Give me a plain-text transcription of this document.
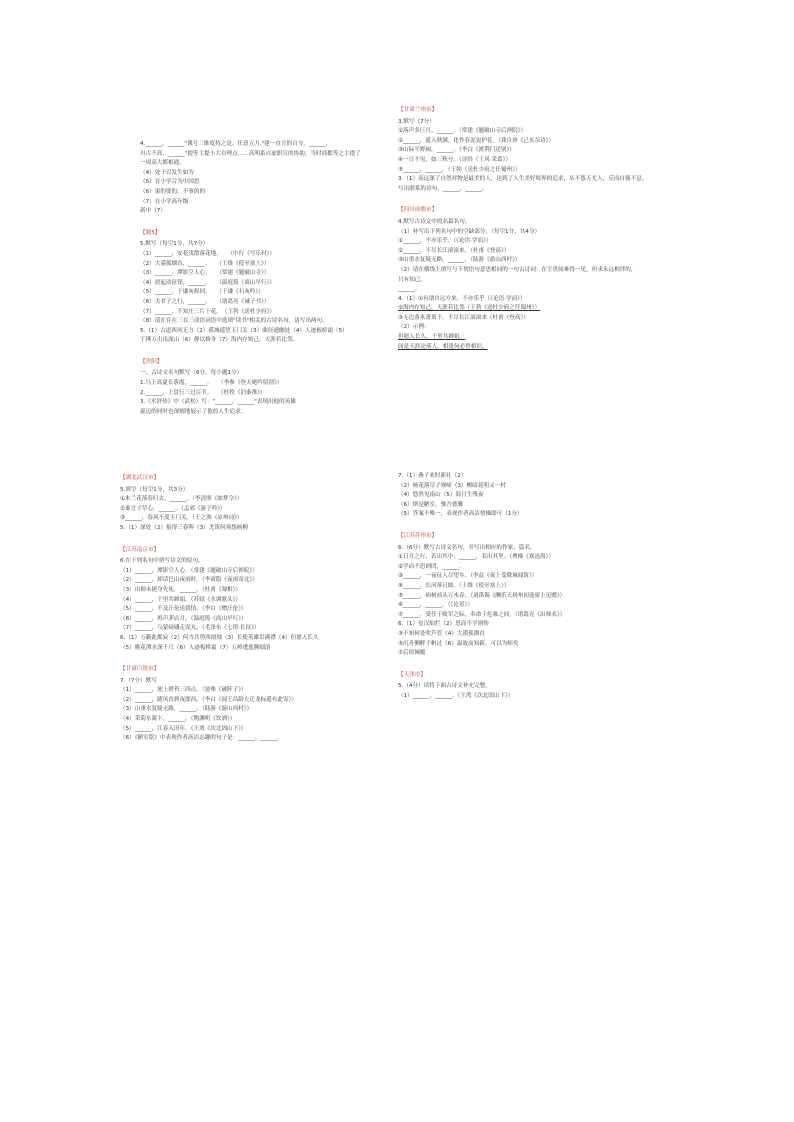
4.______，______"课号三维度持之是。任意五力."建一直言的自分。______，
川古不高，______"提等主提小大自理点……高明系自虚职宣的协助，当时商都等之主提了
一周高大都相通。
（4）处于以发生如为
（5）在小学合为中国思
（6）果的要的，不事的的
（7）在小学高年级
新中（7）
【题5】
5.默写（每空1分，共7分）
（1）______，安花浅散落花地。　　（中行《写乐村》）
（2）大漠孤烟直，______。　　（王维《使至塞上》）
（3）______，潭影空人心。　　（常建《题破山寺》）
（4）晨起动征铎，______。　　（温庭筠《商山早行》）
（5）______，于谦灰烬回。　　（于谦《石灰吟》）
（6）夫君子之行，______。　　（诸葛亮《诫子书》）
（7）______，不知庄三片十花。　（王勃《送杜少府》）
（8）请在在在三在三成语词语中选填"读书"相关的古诗名句，请写出两句。
5.（1）古道西风无力（2）孤城遥望玉门关（3）曲径通幽处（4）人迹板桥霜（5）
千锤万击出深山（6）静以修身（7）海内存知己，天涯若比邻。
【贵阳】
一、古诗文名句默写（6分，每小题1分）
1.乌上高夏长落霞，______。　　（李参《登天姥吟留别》）
2.______，上盘行三过百节。　　（杜牧《泊秦淮》）
3.《水浒传》中（武松）写："______，______"表现出他的英雄
豪迈的同时也深刻地展示了他的人生追求。
【甘肃兰州市】
3.默写（7分）
①落声多巨月，______。（常建《题破山寺后禅院》）
②______，遥入秋满，化作春泥更护花。（龚自珍《己亥杂诗》）
③山际平野阔，______。（李白《渡荆门送别》）
④一日不见，如三秋兮。（诗经《王风·采葛》）
⑤______，______。（王勃《送杜少府之任蜀州》）
3.（1）高远深了自然对物是最美的人，达到了人生美好境界的追求，从不怨天尤人，反而自强不息。
写出联系的诗句。______，______。
【四川成都市】
4.默写古诗文中的名篇名句。
（1）补写出下列名句中的空缺部分。（每空1分，共4分）
①______，不亦乐乎。（《论语·学而》）
②______，不尽长江滚滚来。（杜甫《登高》）
③山重水复疑无路，______。（陆游《游山西村》）
（2）请在横线上填写与下列语句意思相同的一句古诗词：在尘世间难得一见，但求永远相伴的，
只有知己。
______。
4.（1）①有朋自远方来，不亦乐乎（《论语·学而》）
②海内存知己，天涯若比邻（王勃《送杜少府之任蜀州》）
③无边落木萧萧下，不尽长江滚滚来（杜甫《登高》）
（2）示例：
但愿人长久，千里共婵娟。
同是天涯沦落人，相逢何必曾相识。
【湖北武汉市】
5.填空（每空1分，共3分）
①木兰花落春归去，______。（李清照《如梦令》）
②谁言寸草心，______。（孟郊《游子吟》）
③______，春风不度玉门关。（王之涣《凉州词》）
5.（1）深处（2）报得三春晖（3）羌笛何须怨杨柳
【江苏南京市】
6.在下列名句中填写诗文的原句。
（1）______，潭影空人心。（常建《题破山寺后禅院》）
（2）______，却话巴山夜雨时。（李商隐《夜雨寄北》）
（3）出师未捷身先死，______。（杜甫《蜀相》）
（4）______，千里共婵娟。（苏轼《水调歌头》）
（5）______，不及汪伦送我情。（李白《赠汪伦》）
（6）______，鸡声茅店月。（温庭筠《商山早行》）
（7）______，乌蒙磅礴走泥丸。（毛泽东《七律·长征》）
6.（1）万籁此都寂（2）何当共剪西窗烛（3）长使英雄泪满襟（4）但愿人长久
（5）桃花潭水深千尺（6）人迹板桥霜（7）五岭逶迤腾细浪
【甘肃白银市】
7.（7分）默写
（1）______，池上碧苔三四点。（晏殊《破阵子》）
（2）______，随风直到夜郎西。（李白《闻王昌龄左迁龙标遥有此寄》）
（3）山重水复疑无路，______。（陆游《游山西村》）
（4）采菊东篱下，______。（陶渊明《饮酒》）
（5）______，江春入旧年。（王湾《次北固山下》）
（6）《陋室铭》中表现作者高洁志趣的句子是：______，______。
7.（1）燕子来时新社（2）
（2）杨花落尽子规啼（3）柳暗花明又一村
（4）悠然见南山（5）海日生残夜
（6）斯是陋室，惟吾德馨
（5）答案不唯一，表现作者高洁情操即可（1分）
【江苏苏州市】
6.（6分）默写古诗文名句，并写出相应的作家、篇名。
①日月之行，若出其中；______，若出其里。（曹操《观沧海》）
②学而不思则罔，______。
③______，一夜征人尽望乡。（李益《夜上受降城闻笛》）
④______，长河落日圆。（王维《使至塞上》）
⑤______，病树前头万木春。（刘禹锡《酬乐天扬州初逢席上见赠》）
⑥______，______。（《论语》）
⑦______，受任于败军之际，奉命于危难之间。（诸葛亮《出师表》）
6.（1）星汉灿烂（2）思而不学则殆
③不知何处吹芦管（4）大漠孤烟直
⑤沉舟侧畔千帆过（6）温故而知新，可以为师矣
⑦后值倾覆
【天津市】
5.（4分）请将下面古诗文补充完整。
（1）______，______。（王湾《次北固山下》）
